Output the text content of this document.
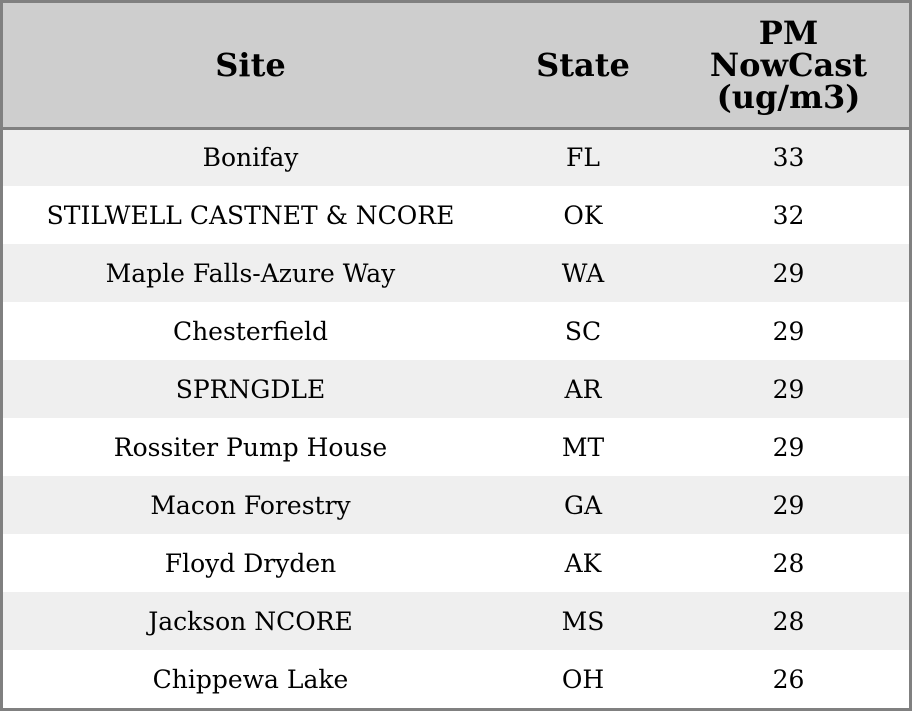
Site	State	PM
NowCast
(ug/m3)

Bonifay	FL	33
STILWELL CASTNET & NCORE	OK	32
Maple Falls-Azure Way	WA	29
Chesterfield	SC	29
SPRNGDLE	AR	29
Rossiter Pump House	MT	29
Macon Forestry	GA	29
Floyd Dryden	AK	28
Jackson NCORE	MS	28
Chippewa Lake	OH	26
